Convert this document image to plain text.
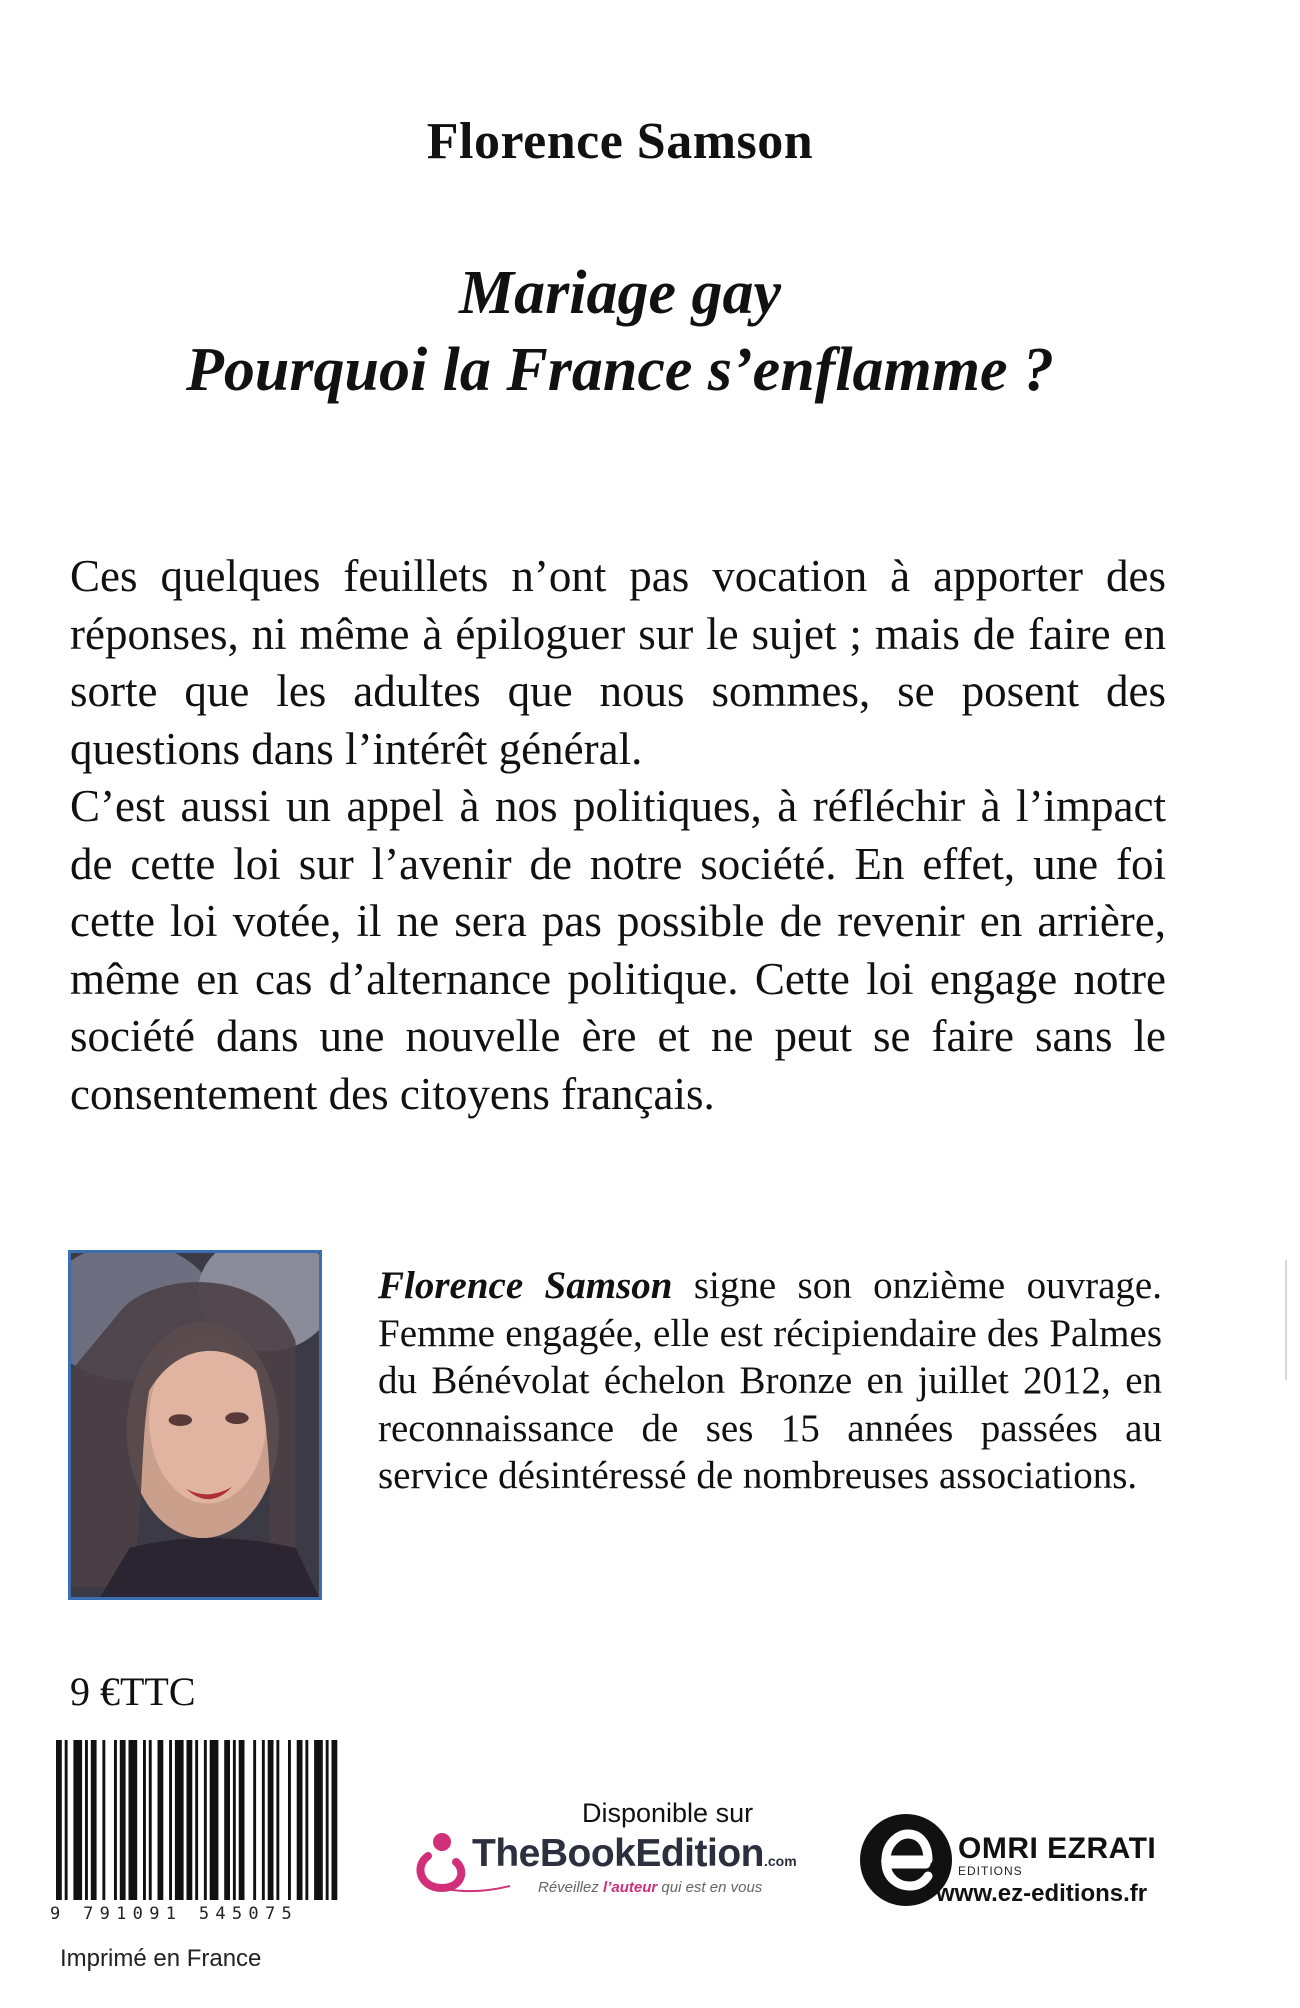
Florence Samson
Mariage gay
Pourquoi la France s’enflamme ?

Ces quelques feuillets n’ont pas vocation à apporter des réponses, ni même à épiloguer sur le sujet ; mais de faire en sorte que les adultes que nous sommes, se posent des questions dans l’intérêt général.

C’est aussi un appel à nos politiques, à réfléchir à l’impact de cette loi sur l’avenir de notre société. En effet, une foi cette loi votée, il ne sera pas possible de revenir en arrière, même en cas d’alternance politique. Cette loi engage notre société dans une nouvelle ère et ne peut se faire sans le consentement des citoyens français.

Florence Samson signe son onzième ouvrage. Femme engagée, elle est récipiendaire des Palmes du Bénévolat échelon Bronze en juillet 2012, en reconnaissance de ses 15 années passées au service désintéressé de nombreuses associations.
9 €TTC
9 791091 545075
Imprimé en France
Disponible sur
TheBookEdition.com
Réveillez l’auteur qui est en vous
OMRI EZRATI
EDITIONS
www.ez-editions.fr
